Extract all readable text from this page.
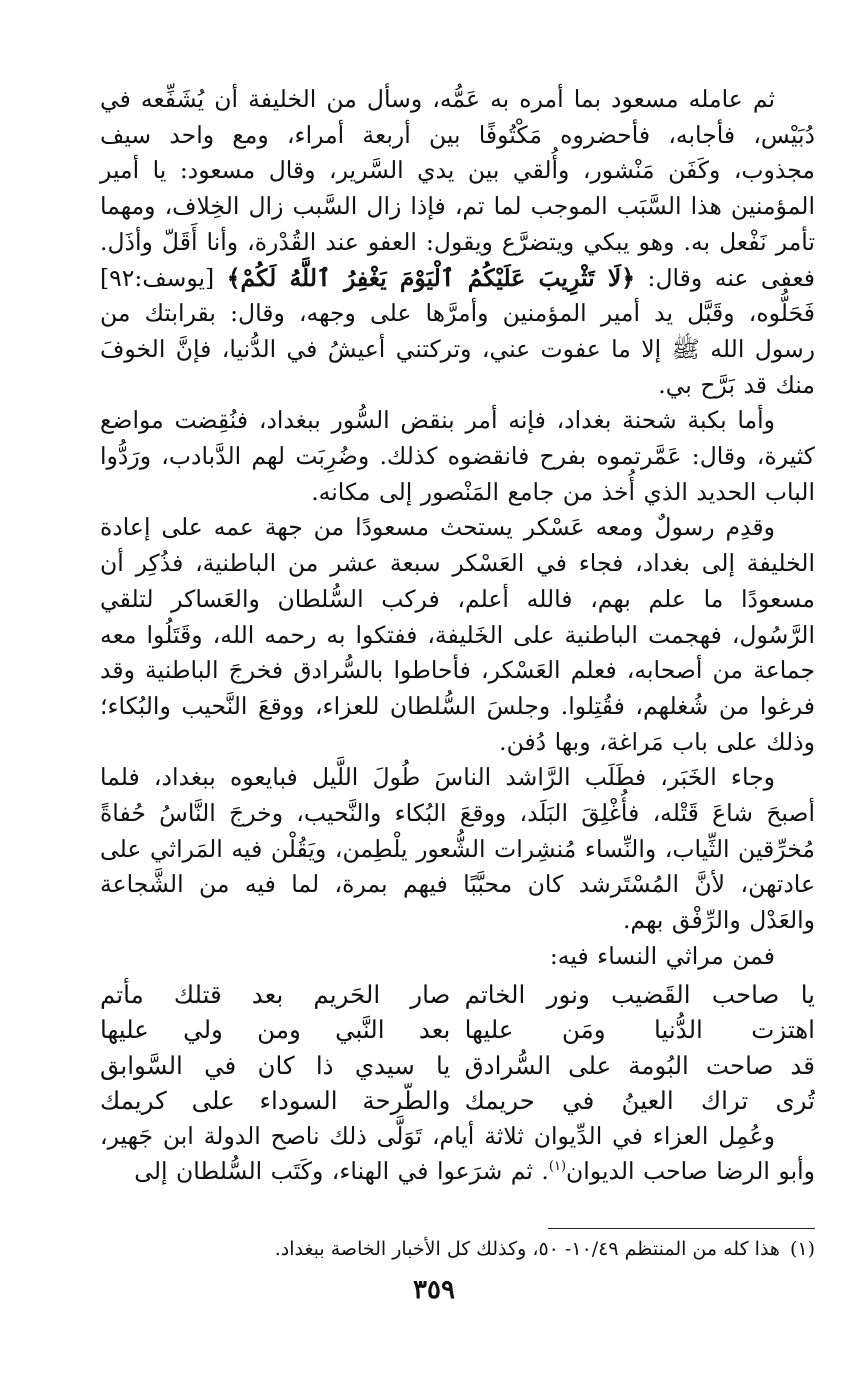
ثم عامله مسعود بما أمره به عَمُّه، وسأل من الخليفة أن يُشَفِّعه في دُبَيْس، فأجابه، فأحضروه مَكْتُوفًا بين أربعة أمراء، ومع واحد سيف مجذوب، وكَفَن مَنْشور، وأُلقي بين يدي السَّرير، وقال مسعود: يا أمير المؤمنين هذا السَّبَب الموجب لما تم، فإذا زال السَّبب زال الخِلاف، ومهما تأمر نَفْعل به. وهو يبكي ويتضرَّع ويقول: العفو عند القُدْرة، وأنا أَقَلّ وأذَل. فعفى عنه وقال: ﴿لَا تَثْرِيبَ عَلَيْكُمُ ٱلْيَوْمَ يَغْفِرُ ٱللَّهُ لَكُمْ﴾ [يوسف:٩٢] فَحَلُّوه، وقَبَّل يد أمير المؤمنين وأمرَّها على وجهه، وقال: بقرابتك من رسول الله ﷺ إلا ما عفوت عني، وتركتني أعيشُ في الدُّنيا، فإنَّ الخوفَ منك قد بَرَّح بي.

وأما بكبة شحنة بغداد، فإنه أمر بنقض السُّور ببغداد، فنُقِضت مواضع كثيرة، وقال: عَمَّرتموه بفرح فانقضوه كذلك. وضُرِبَت لهم الدَّبادب، ورَدُّوا الباب الحديد الذي أُخذ من جامع المَنْصور إلى مكانه.

وقدِم رسولٌ ومعه عَسْكر يستحث مسعودًا من جهة عمه على إعادة الخليفة إلى بغداد، فجاء في العَسْكر سبعة عشر من الباطنية، فذُكِر أن مسعودًا ما علم بهم، فالله أعلم، فركب السُّلطان والعَساكر لتلقي الرَّسُول، فهجمت الباطنية على الخَليفة، ففتكوا به رحمه الله، وقَتَلُوا معه جماعة من أصحابه، فعلم العَسْكر، فأحاطوا بالسُّرادق فخرجَ الباطنية وقد فرغوا من شُغلهم، فقُتِلوا. وجلسَ السُّلطان للعزاء، ووقعَ النَّحيب والبُكاء؛ وذلك على باب مَراغة، وبها دُفن.

وجاء الخَبَر، فطَلَب الرَّاشد الناسَ طُولَ اللَّيل فبايعوه ببغداد، فلما أصبحَ شاعَ قَتْله، فأُغْلِقَ البَلَد، ووقعَ البُكاء والنَّحيب، وخرجَ النَّاسُ حُفاةً مُخرِّقين الثِّياب، والنِّساء مُنشِرات الشُّعور يلْطِمن، ويَقُلْن فيه المَراثي على عادتهن، لأنَّ المُسْتَرشد كان محبَّبًا فيهم بمرة، لما فيه من الشَّجاعة والعَدْل والرِّفْق بهم.

فمن مراثي النساء فيه:

يا صاحب القَضيب ونور الخاتم
صار الحَريم بعد قتلك مأتم
اهتزت الدُّنيا ومَن عليها
بعد النَّبي ومن ولي عليها
قد صاحت البُومة على السُّرادق
يا سيدي ذا كان في السَّوابق
تُرى تراك العينُ في حريمك
والطَّرحة السوداء على كريمك

وعُمِل العزاء في الدِّيوان ثلاثة أيام، تَوَلَّى ذلك ناصح الدولة ابن جَهير، وأبو الرضا صاحب الديوان$^{(١)}$. ثم شرَعوا في الهناء، وكَتَب السُّلطان إلى

(١)
هذا كله من المنتظم ١٠/٤٩- ٥٠، وكذلك كل الأخبار الخاصة ببغداد.
٣٥٩
